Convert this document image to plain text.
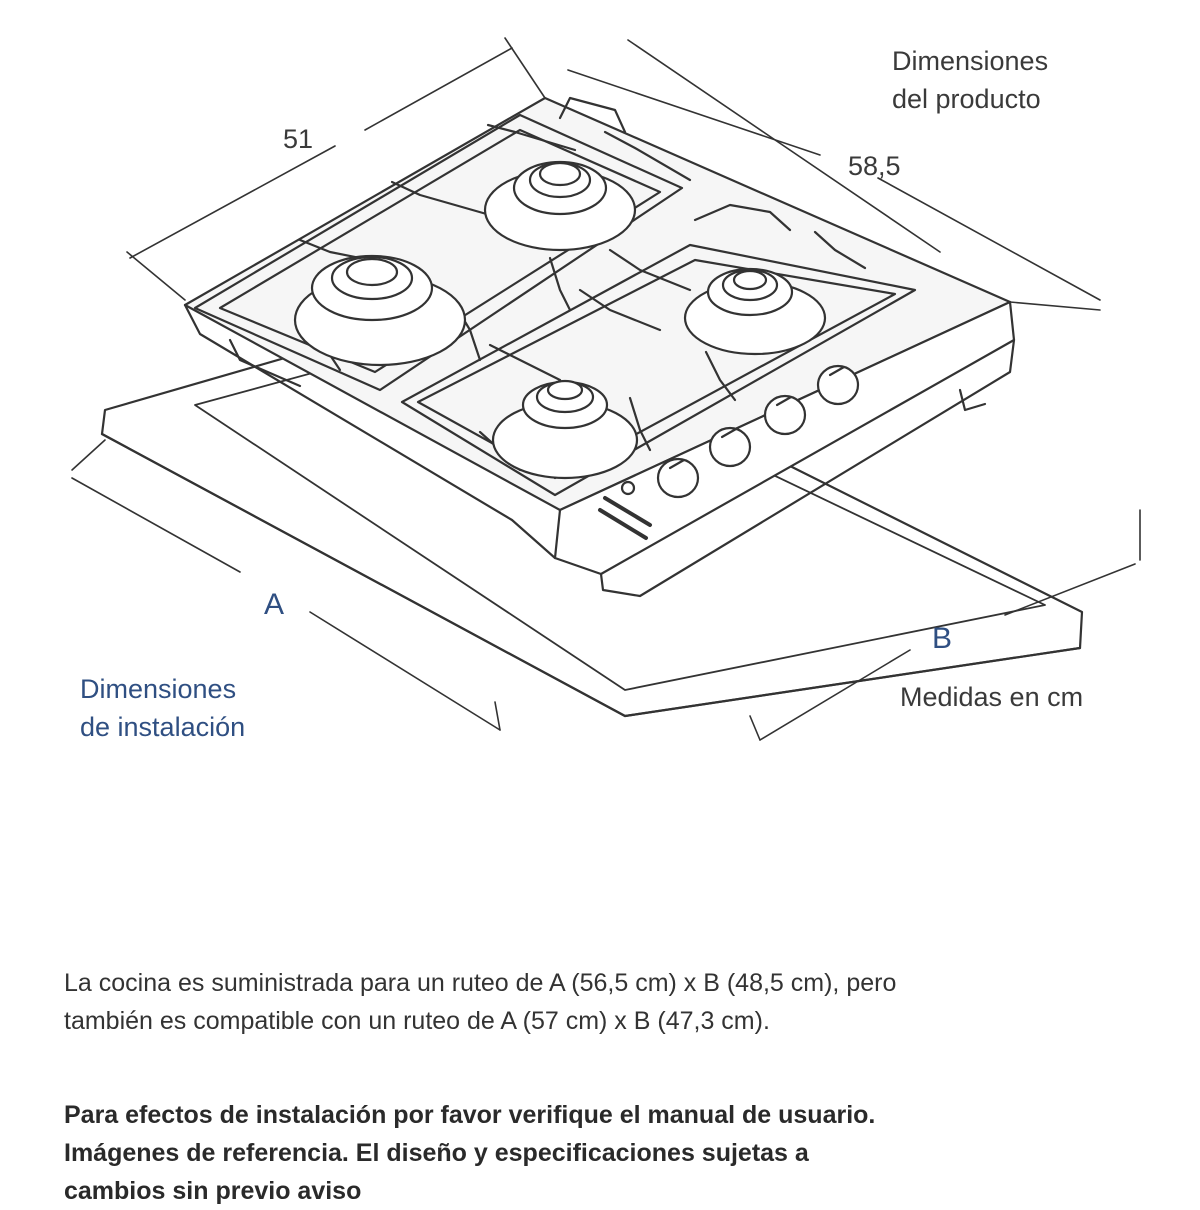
Dimensiones
del producto
51
58,5
A
B
Dimensiones
de instalación
Medidas en cm

La cocina es suministrada para un ruteo de A (56,5 cm) x B (48,5 cm), pero

también es compatible con un ruteo de A (57 cm) x B (47,3 cm).

Para efectos de instalación por favor verifique el manual de usuario.

Imágenes de referencia. El diseño y especificaciones sujetas a

cambios sin previo aviso
